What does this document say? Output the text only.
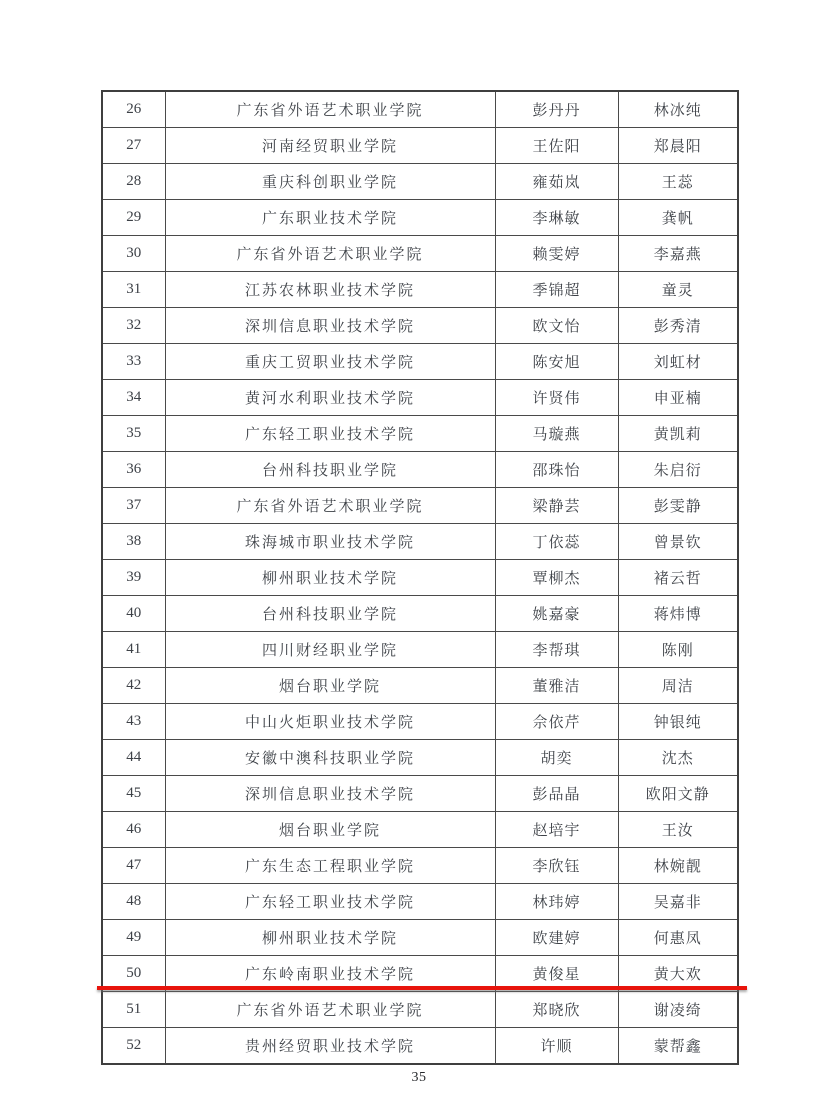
26	广东省外语艺术职业学院	彭丹丹	林冰纯
27	河南经贸职业学院	王佐阳	郑晨阳
28	重庆科创职业学院	雍茹岚	王蕊
29	广东职业技术学院	李琳敏	龚帆
30	广东省外语艺术职业学院	赖雯婷	李嘉燕
31	江苏农林职业技术学院	季锦超	童灵
32	深圳信息职业技术学院	欧文怡	彭秀清
33	重庆工贸职业技术学院	陈安旭	刘虹材
34	黄河水利职业技术学院	许贤伟	申亚楠
35	广东轻工职业技术学院	马璇燕	黄凯莉
36	台州科技职业学院	邵珠怡	朱启衍
37	广东省外语艺术职业学院	梁静芸	彭雯静
38	珠海城市职业技术学院	丁依蕊	曾景钦
39	柳州职业技术学院	覃柳杰	褚云哲
40	台州科技职业学院	姚嘉豪	蒋炜博
41	四川财经职业学院	李帮琪	陈刚
42	烟台职业学院	董雅洁	周洁
43	中山火炬职业技术学院	佘依芹	钟银纯
44	安徽中澳科技职业学院	胡奕	沈杰
45	深圳信息职业技术学院	彭品晶	欧阳文静
46	烟台职业学院	赵培宇	王汝
47	广东生态工程职业学院	李欣钰	林婉靓
48	广东轻工职业技术学院	林玮婷	吴嘉非
49	柳州职业技术学院	欧建婷	何惠凤
50	广东岭南职业技术学院	黄俊星	黄大欢
51	广东省外语艺术职业学院	郑晓欣	谢凌绮
52	贵州经贸职业技术学院	许顺	蒙帮鑫
35
